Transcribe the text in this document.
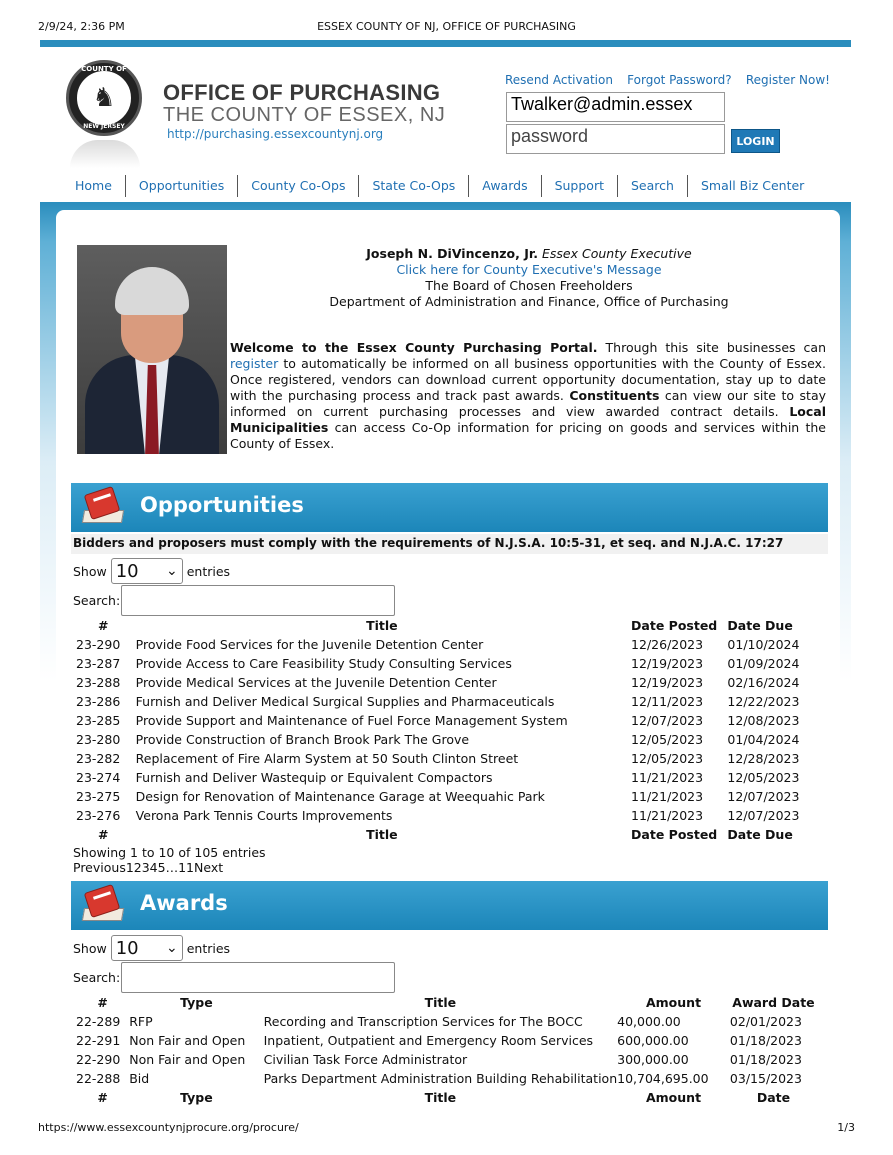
2/9/24, 2:36 PM	ESSEX COUNTY OF NJ, OFFICE OF PURCHASING
♞
COUNTY OF ESSEX
NEW JERSEY
OFFICE OF PURCHASING
THE COUNTY OF ESSEX, NJ
http://purchasing.essexcountynj.org
Resend Activation Forgot Password? Register Now!
Twalker@admin.essex
password	LOGIN
Home	Opportunities	County Co-Ops	State Co-Ops	Awards	Support	Search	Small Biz Center
Joseph N. DiVincenzo, Jr. Essex County Executive
Click here for County Executive's Message
The Board of Chosen Freeholders
Department of Administration and Finance, Office of Purchasing
Welcome to the Essex County Purchasing Portal. Through this site businesses can register to automatically be informed on all business opportunities with the County of Essex. Once registered, vendors can download current opportunity documentation, stay up to date with the purchasing process and track past awards. Constituents can view our site to stay informed on current purchasing processes and view awarded contract details. Local Municipalities can access Co-Op information for pricing on goods and services within the County of Essex.
Opportunities
Bidders and proposers must comply with the requirements of N.J.S.A. 10:5-31, et seq. and N.J.A.C. 17:27
Show 10 ⌄ entries
Search:
#	Title	Date Posted	Date Due
23-290	Provide Food Services for the Juvenile Detention Center	12/26/2023	01/10/2024
23-287	Provide Access to Care Feasibility Study Consulting Services	12/19/2023	01/09/2024
23-288	Provide Medical Services at the Juvenile Detention Center	12/19/2023	02/16/2024
23-286	Furnish and Deliver Medical Surgical Supplies and Pharmaceuticals	12/11/2023	12/22/2023
23-285	Provide Support and Maintenance of Fuel Force Management System	12/07/2023	12/08/2023
23-280	Provide Construction of Branch Brook Park The Grove	12/05/2023	01/04/2024
23-282	Replacement of Fire Alarm System at 50 South Clinton Street	12/05/2023	12/28/2023
23-274	Furnish and Deliver Wastequip or Equivalent Compactors	11/21/2023	12/05/2023
23-275	Design for Renovation of Maintenance Garage at Weequahic Park	11/21/2023	12/07/2023
23-276	Verona Park Tennis Courts Improvements	11/21/2023	12/07/2023
#	Title	Date Posted	Date Due
Showing 1 to 10 of 105 entries
Previous12345…11Next
Awards
Show 10 ⌄ entries
Search:
#	Type	Title	Amount	Award Date
22-289	RFP	Recording and Transcription Services for The BOCC	40,000.00	02/01/2023
22-291	Non Fair and Open	Inpatient, Outpatient and Emergency Room Services	600,000.00	01/18/2023
22-290	Non Fair and Open	Civilian Task Force Administrator	300,000.00	01/18/2023
22-288	Bid	Parks Department Administration Building Rehabilitation	10,704,695.00	03/15/2023
#	Type	Title	Amount	Date
https://www.essexcountynjprocure.org/procure/	1/3
